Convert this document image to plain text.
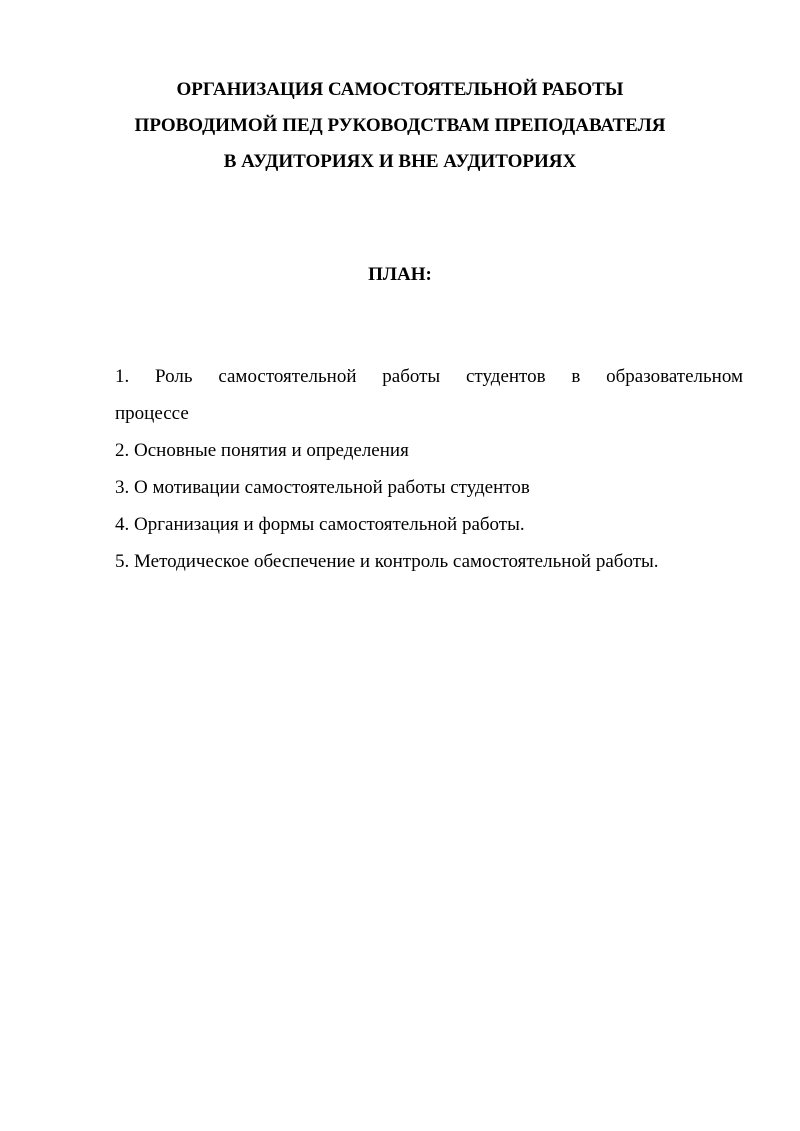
ОРГАНИЗАЦИЯ САМОСТОЯТЕЛЬНОЙ РАБОТЫ
ПРОВОДИМОЙ ПЕД РУКОВОДСТВАМ ПРЕПОДАВАТЕЛЯ
В АУДИТОРИЯХ И ВНЕ АУДИТОРИЯХ
ПЛАН:
1. Роль самостоятельной работы студентов в образовательном
процессе
2. Основные понятия и определения
3. О мотивации самостоятельной работы студентов
4. Организация и формы самостоятельной работы.
5. Методическое обеспечение и контроль самостоятельной работы.
